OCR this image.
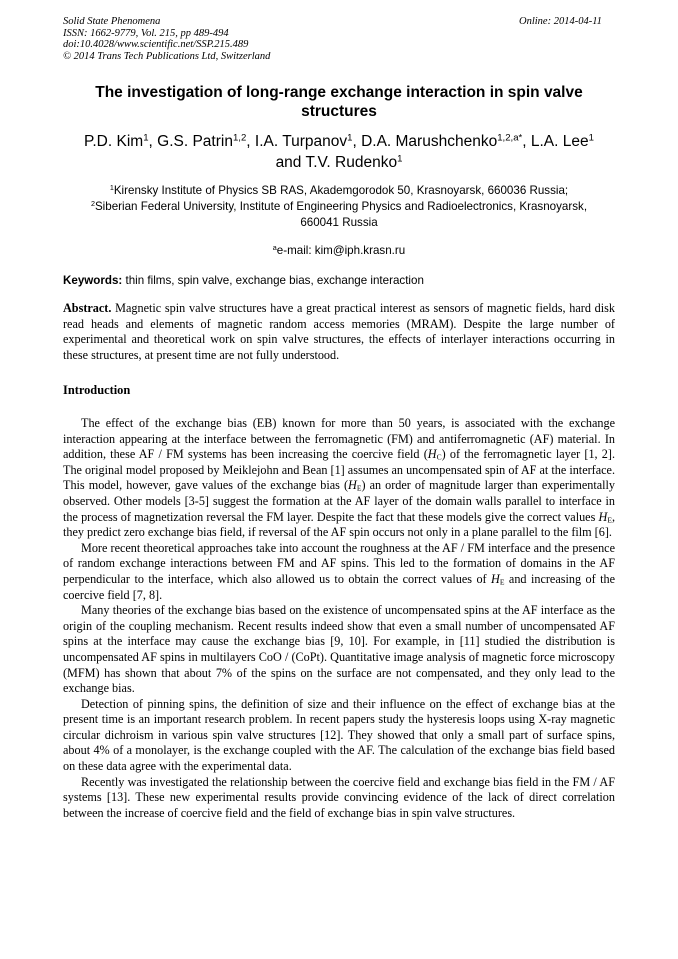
Solid State Phenomena
ISSN: 1662-9779, Vol. 215, pp 489-494
doi:10.4028/www.scientific.net/SSP.215.489
© 2014 Trans Tech Publications Ltd, Switzerland
Online: 2014-04-11
The investigation of long-range exchange interaction in spin valve
structures
P.D. Kim$^1$, G.S. Patrin$^{1,2}$, I.A. Turpanov$^1$, D.A. Marushchenko$^{1,2,a*}$, L.A. Lee$^1$
and T.V. Rudenko$^1$
$^1$Kirensky Institute of Physics SB RAS, Akademgorodok 50, Krasnoyarsk, 660036 Russia;
$^2$Siberian Federal University, Institute of Engineering Physics and Radioelectronics, Krasnoyarsk,
660041 Russia
$^a$e-mail: kim@iph.krasn.ru
Keywords: thin films, spin valve, exchange bias, exchange interaction
Abstract. Magnetic spin valve structures have a great practical interest as sensors of magnetic fields, hard disk read heads and elements of magnetic random access memories (MRAM). Despite the large number of experimental and theoretical work on spin valve structures, the effects of interlayer interactions occurring in these structures, at present time are not fully understood.
Introduction

The effect of the exchange bias (EB) known for more than 50 years, is associated with the exchange interaction appearing at the interface between the ferromagnetic (FM) and antiferromagnetic (AF) material. In addition, these AF / FM systems has been increasing the coercive field $(H_C)$ of the ferromagnetic layer [1, 2]. The original model proposed by Meiklejohn and Bean [1] assumes an uncompensated spin of AF at the interface. This model, however, gave values of the exchange bias $(H_E)$ an order of magnitude larger than experimentally observed. Other models [3-5] suggest the formation at the AF layer of the domain walls parallel to interface in the process of magnetization reversal the FM layer. Despite the fact that these models give the correct values $H_E$, they predict zero exchange bias field, if reversal of the AF spin occurs not only in a plane parallel to the film [6].

More recent theoretical approaches take into account the roughness at the AF / FM interface and the presence of random exchange interactions between FM and AF spins. This led to the formation of domains in the AF perpendicular to the interface, which also allowed us to obtain the correct values of $H_E$ and increasing of the coercive field [7, 8].

Many theories of the exchange bias based on the existence of uncompensated spins at the AF interface as the origin of the coupling mechanism. Recent results indeed show that even a small number of uncompensated AF spins at the interface may cause the exchange bias [9, 10]. For example, in [11] studied the distribution is uncompensated AF spins in multilayers CoO / (CoPt). Quantitative image analysis of magnetic force microscopy (MFM) has shown that about 7% of the spins on the surface are not compensated, and they only lead to the exchange bias.

Detection of pinning spins, the definition of size and their influence on the effect of exchange bias at the present time is an important research problem. In recent papers study the hysteresis loops using X-ray magnetic circular dichroism in various spin valve structures [12]. They showed that only a small part of surface spins, about 4% of a monolayer, is the exchange coupled with the AF. The calculation of the exchange bias field based on these data agree with the experimental data.

Recently was investigated the relationship between the coercive field and exchange bias field in the FM / AF systems [13]. These new experimental results provide convincing evidence of the lack of direct correlation between the increase of coercive field and the field of exchange bias in spin valve structures.
